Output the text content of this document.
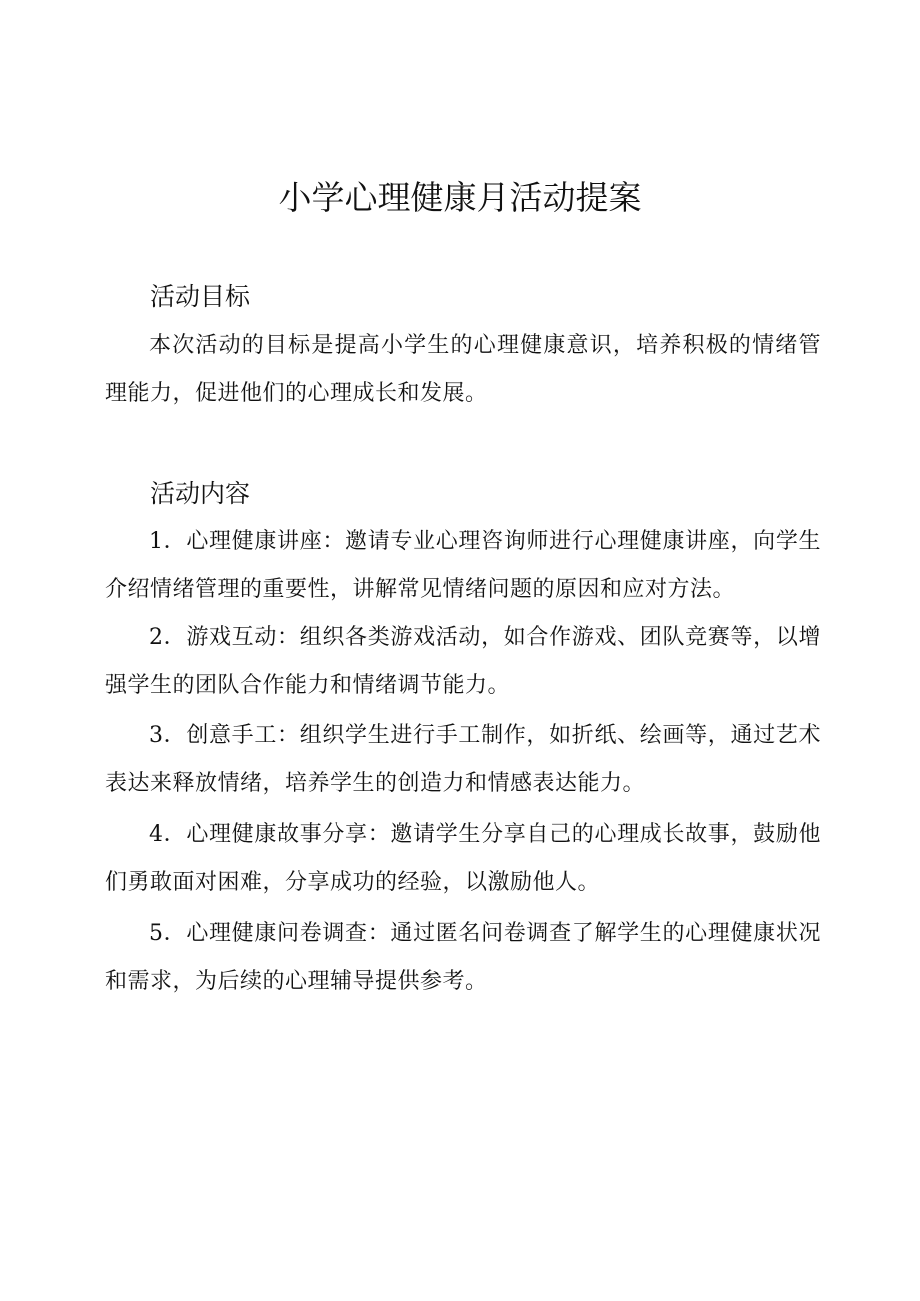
小学心理健康月活动提案
活动目标

本次活动的目标是提高小学生的心理健康意识，培养积极的情绪管理能力，促进他们的心理成长和发展。

活动内容

1．心理健康讲座：邀请专业心理咨询师进行心理健康讲座，向学生介绍情绪管理的重要性，讲解常见情绪问题的原因和应对方法。

2．游戏互动：组织各类游戏活动，如合作游戏、团队竞赛等，以增强学生的团队合作能力和情绪调节能力。

3．创意手工：组织学生进行手工制作，如折纸、绘画等，通过艺术表达来释放情绪，培养学生的创造力和情感表达能力。

4．心理健康故事分享：邀请学生分享自己的心理成长故事，鼓励他们勇敢面对困难，分享成功的经验，以激励他人。

5．心理健康问卷调查：通过匿名问卷调查了解学生的心理健康状况和需求，为后续的心理辅导提供参考。
